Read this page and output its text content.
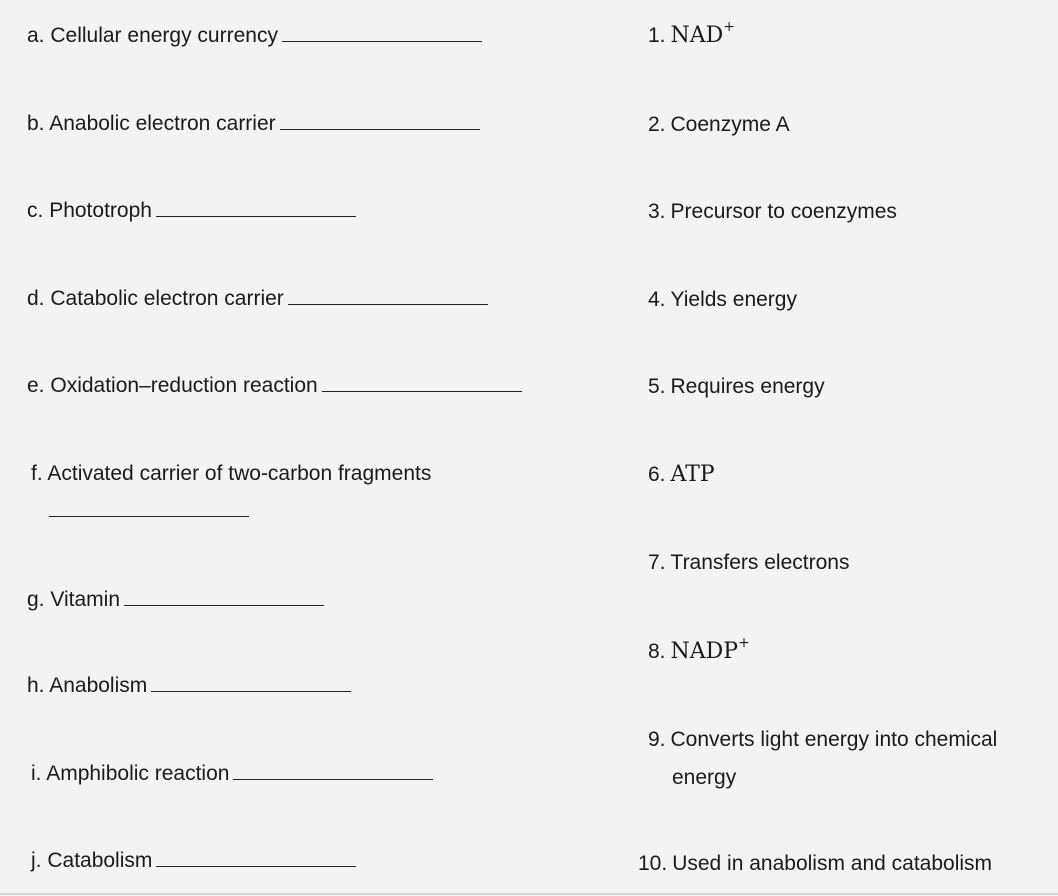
a. Cellular energy currency
b. Anabolic electron carrier
c. Phototroph
d. Catabolic electron carrier
e. Oxidation–reduction reaction
f. Activated carrier of two-carbon fragments
g. Vitamin
h. Anabolism
i. Amphibolic reaction
j. Catabolism
1. NAD+
2. Coenzyme A
3. Precursor to coenzymes
4. Yields energy
5. Requires energy
6. ATP
7. Transfers electrons
8. NADP+
9. Converts light energy into chemical
energy
10. Used in anabolism and catabolism
